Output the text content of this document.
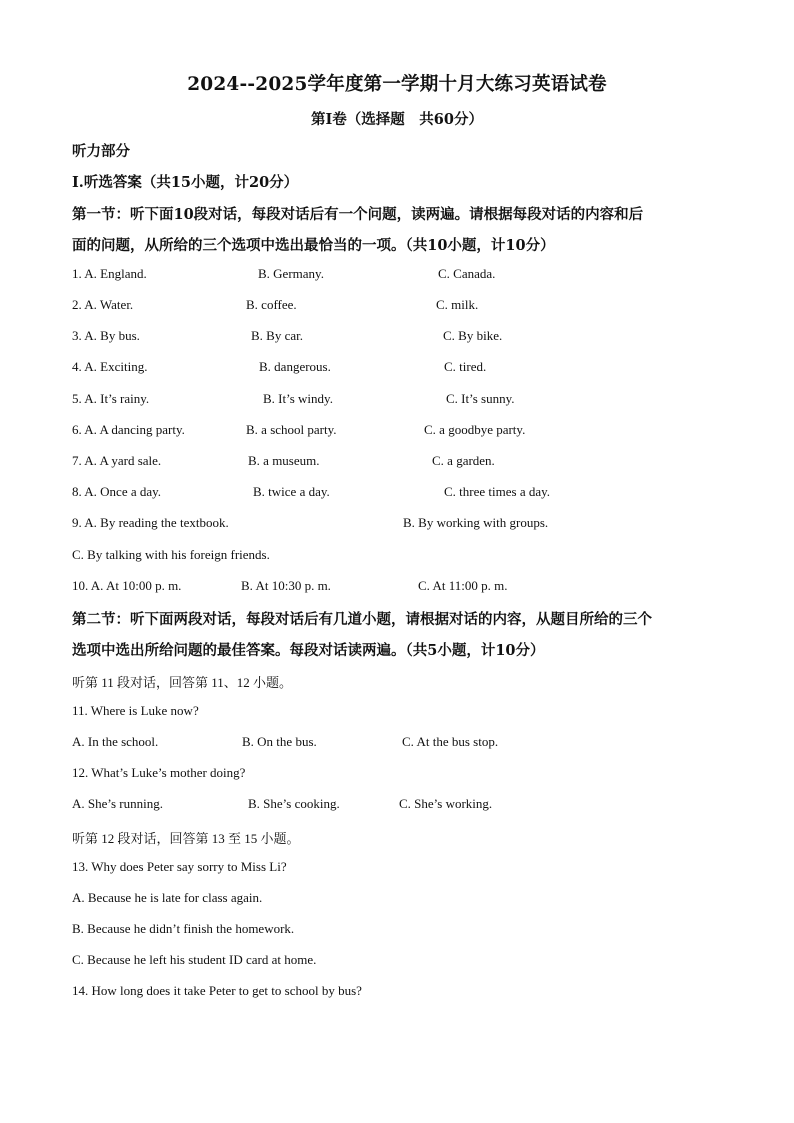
2024--2025学年度第一学期十月大练习英语试卷
第I卷（选择题　共60分）
听力部分
I.听选答案（共15小题，计20分）
第一节：听下面10段对话，每段对话后有一个问题，读两遍。请根据每段对话的内容和后
面的问题，从所给的三个选项中选出最恰当的一项。（共10小题，计10分）
1. A. England.	B. Germany.	C. Canada.
2. A. Water.	B. coffee.	C. milk.
3. A. By bus.	B. By car.	C. By bike.
4. A. Exciting.	B. dangerous.	C. tired.
5. A. It’s rainy.	B. It’s windy.	C. It’s sunny.
6. A. A dancing party.	B. a school party.	C. a goodbye party.
7. A. A yard sale.	B. a museum.	C. a garden.
8. A. Once a day.	B. twice a day.	C. three times a day.
9. A. By reading the textbook.	B. By working with groups.
C. By talking with his foreign friends.
10. A. At 10:00 p. m.	B. At 10:30 p. m.	C. At 11:00 p. m.
第二节：听下面两段对话，每段对话后有几道小题，请根据对话的内容，从题目所给的三个
选项中选出所给问题的最佳答案。每段对话读两遍。（共5小题，计10分）
听第 11 段对话，回答第 11、12 小题。
11. Where is Luke now?
A. In the school.	B. On the bus.	C. At the bus stop.
12. What’s Luke’s mother doing?
A. She’s running.	B. She’s cooking.	C. She’s working.
听第 12 段对话，回答第 13 至 15 小题。
13. Why does Peter say sorry to Miss Li?
A. Because he is late for class again.
B. Because he didn’t finish the homework.
C. Because he left his student ID card at home.
14. How long does it take Peter to get to school by bus?
